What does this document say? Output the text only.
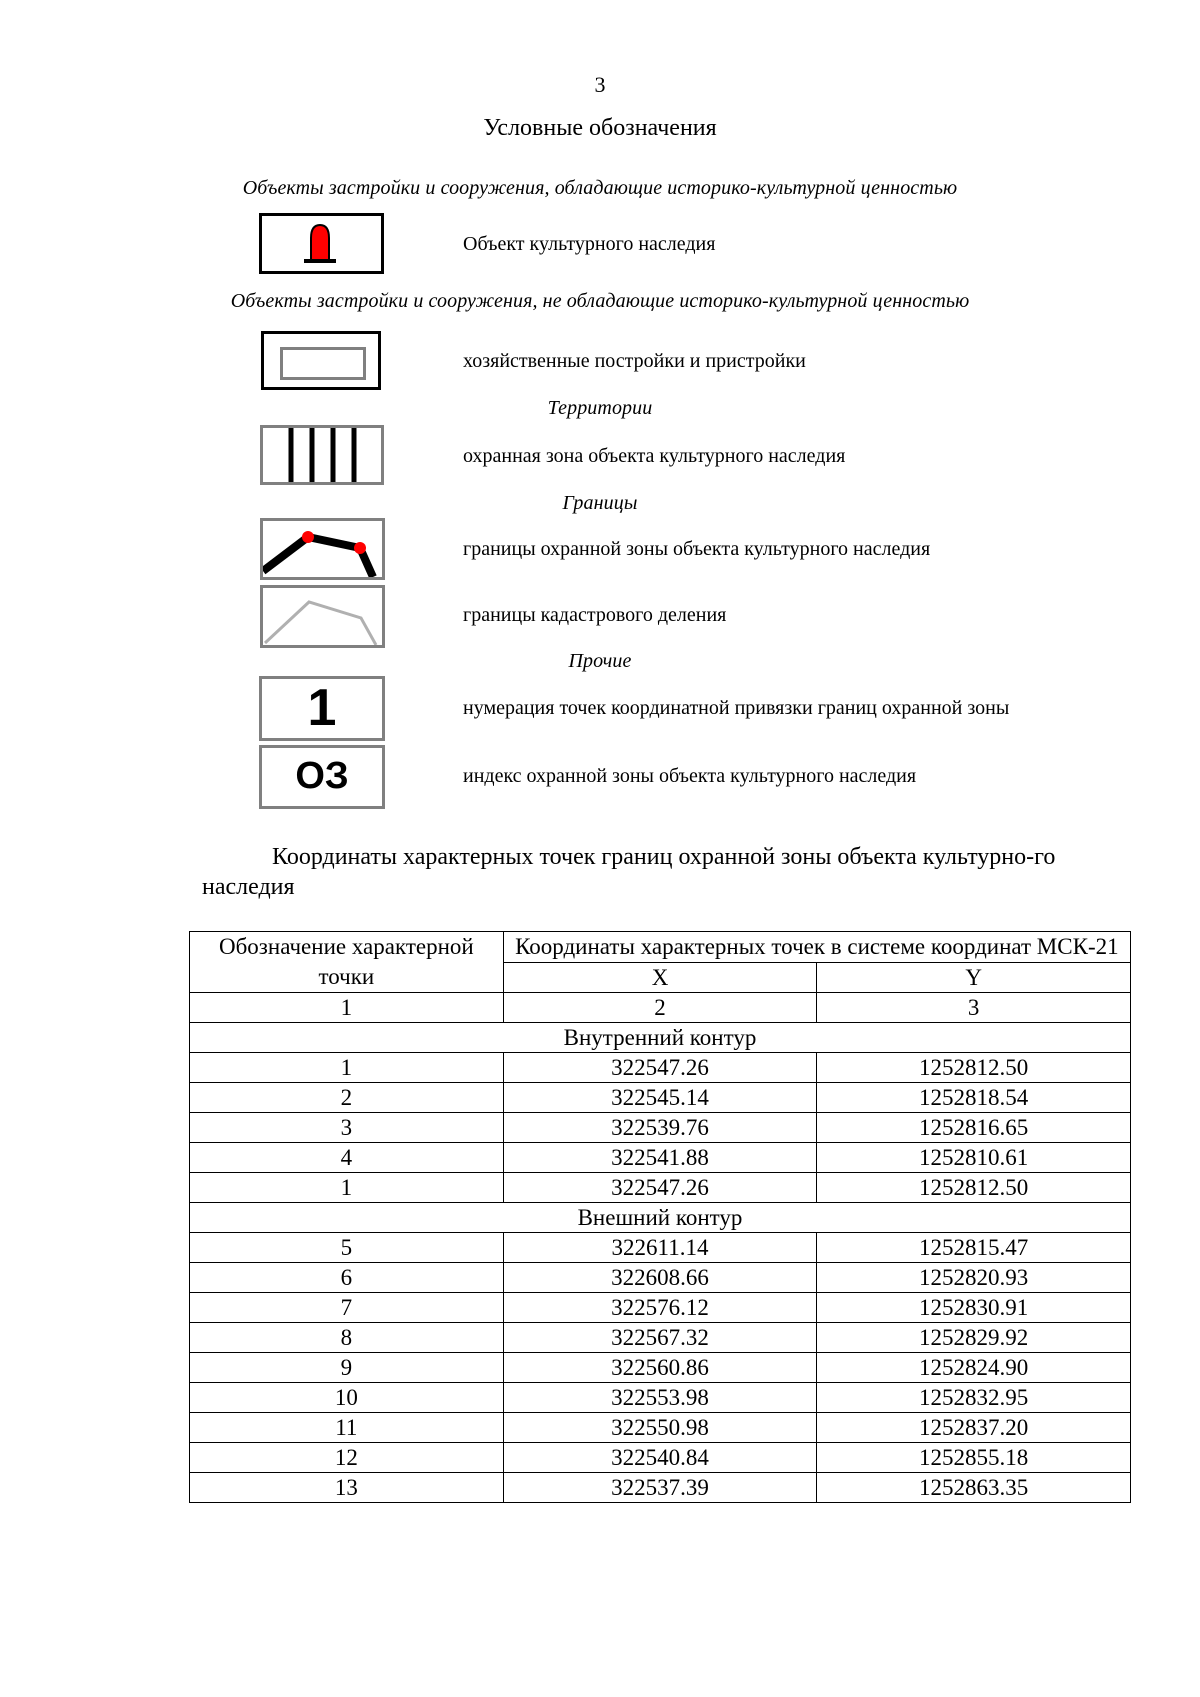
3
Условные обозначения
Объекты застройки и сооружения, обладающие историко-культурной ценностью
Объект культурного наследия
Объекты застройки и сооружения, не обладающие историко-культурной ценностью
хозяйственные постройки и пристройки
Территории
охранная зона объекта культурного наследия
Границы
границы охранной зоны объекта культурного наследия
границы кадастрового деления
Прочие
1	нумерация точек координатной привязки границ охранной зоны
ОЗ	индекс охранной зоны объекта культурного наследия
Координаты характерных точек границ охранной зоны объекта культурно-го наследия
Обозначение характерной точки	Координаты характерных точек в системе координат МСК-21	
	X	Y
1	2	3
Внутренний контур		
1	322547.26	1252812.50
2	322545.14	1252818.54
3	322539.76	1252816.65
4	322541.88	1252810.61
1	322547.26	1252812.50
Внешний контур		
5	322611.14	1252815.47
6	322608.66	1252820.93
7	322576.12	1252830.91
8	322567.32	1252829.92
9	322560.86	1252824.90
10	322553.98	1252832.95
11	322550.98	1252837.20
12	322540.84	1252855.18
13	322537.39	1252863.35
